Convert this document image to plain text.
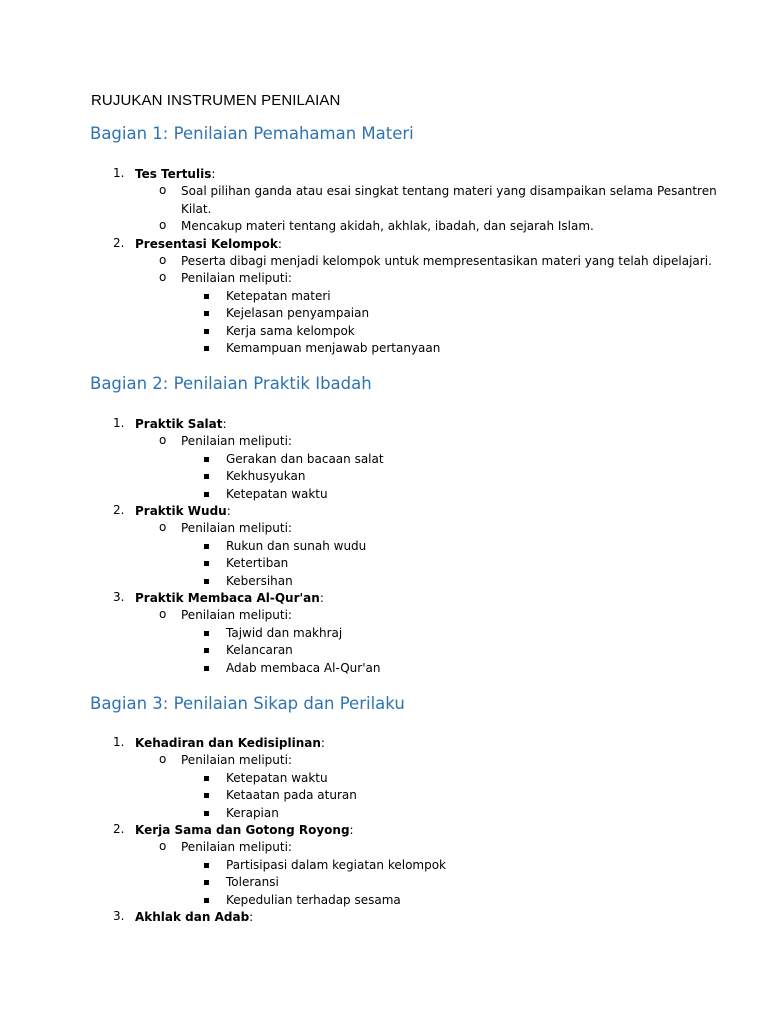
RUJUKAN INSTRUMEN PENILAIAN
Bagian 1: Penilaian Pemahaman Materi
1. Tes Tertulis:
o Soal pilihan ganda atau esai singkat tentang materi yang disampaikan selama Pesantren
Kilat.
o Mencakup materi tentang akidah, akhlak, ibadah, dan sejarah Islam.
2. Presentasi Kelompok:
o Peserta dibagi menjadi kelompok untuk mempresentasikan materi yang telah dipelajari.
o Penilaian meliputi:
Ketepatan materi
Kejelasan penyampaian
Kerja sama kelompok
Kemampuan menjawab pertanyaan
Bagian 2: Penilaian Praktik Ibadah
1. Praktik Salat:
o Penilaian meliputi:
Gerakan dan bacaan salat
Kekhusyukan
Ketepatan waktu
2. Praktik Wudu:
o Penilaian meliputi:
Rukun dan sunah wudu
Ketertiban
Kebersihan
3. Praktik Membaca Al-Qur'an:
o Penilaian meliputi:
Tajwid dan makhraj
Kelancaran
Adab membaca Al-Qur'an
Bagian 3: Penilaian Sikap dan Perilaku
1. Kehadiran dan Kedisiplinan:
o Penilaian meliputi:
Ketepatan waktu
Ketaatan pada aturan
Kerapian
2. Kerja Sama dan Gotong Royong:
o Penilaian meliputi:
Partisipasi dalam kegiatan kelompok
Toleransi
Kepedulian terhadap sesama
3. Akhlak dan Adab:
